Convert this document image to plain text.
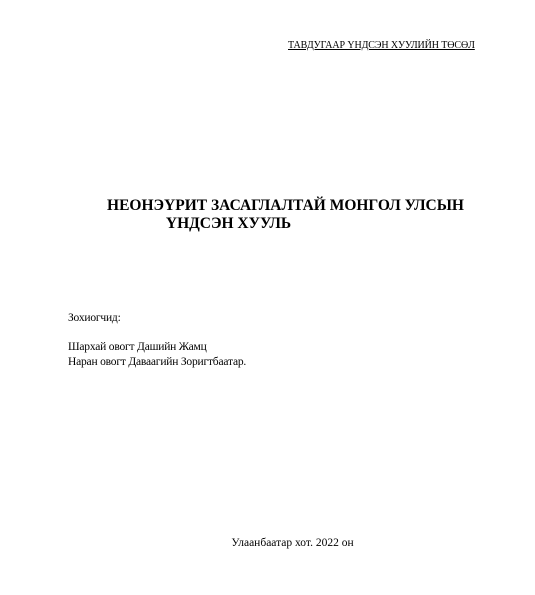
ТАВДУГААР ҮНДСЭН ХУУЛИЙН ТӨСӨЛ
НЕОНЭҮРИТ ЗАСАГЛАЛТАЙ МОНГОЛ УЛСЫН
ҮНДСЭН ХУУЛЬ
Зохиогчид:
Шархай овогт Дашийн Жамц
Наран овогт Даваагийн Зоригтбаатар.
Улаанбаатар хот. 2022 он
